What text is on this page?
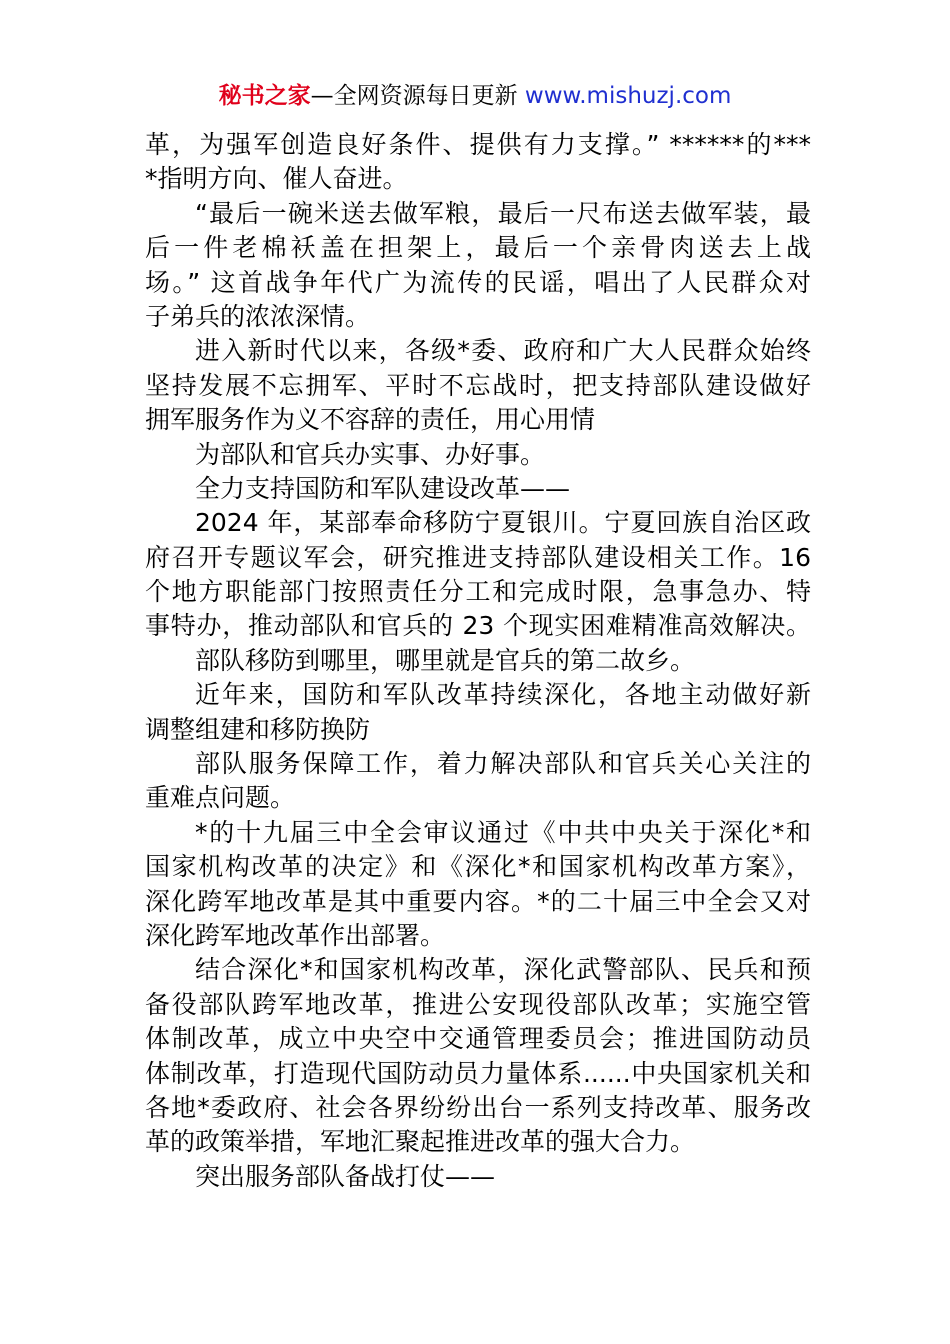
秘书之家—全网资源每日更新 www.mishuzj.com
革，为强军创造良好条件、提供有力支撑。” ******的***
*指明方向、催人奋进。
“最后一碗米送去做军粮，最后一尺布送去做军装，最
后一件老棉袄盖在担架上，最后一个亲骨肉送去上战
场。” 这首战争年代广为流传的民谣，唱出了人民群众对
子弟兵的浓浓深情。
进入新时代以来，各级*委、政府和广大人民群众始终
坚持发展不忘拥军、平时不忘战时，把支持部队建设做好
拥军服务作为义不容辞的责任，用心用情
为部队和官兵办实事、办好事。
全力支持国防和军队建设改革——
2024 年，某部奉命移防宁夏银川。宁夏回族自治区政
府召开专题议军会，研究推进支持部队建设相关工作。16
个地方职能部门按照责任分工和完成时限，急事急办、特
事特办，推动部队和官兵的 23 个现实困难精准高效解决。
部队移防到哪里，哪里就是官兵的第二故乡。
近年来，国防和军队改革持续深化，各地主动做好新
调整组建和移防换防
部队服务保障工作，着力解决部队和官兵关心关注的
重难点问题。
*的十九届三中全会审议通过《中共中央关于深化*和
国家机构改革的决定》和《深化*和国家机构改革方案》，
深化跨军地改革是其中重要内容。*的二十届三中全会又对
深化跨军地改革作出部署。
结合深化*和国家机构改革，深化武警部队、民兵和预
备役部队跨军地改革，推进公安现役部队改革；实施空管
体制改革，成立中央空中交通管理委员会；推进国防动员
体制改革，打造现代国防动员力量体系......中央国家机关和
各地*委政府、社会各界纷纷出台一系列支持改革、服务改
革的政策举措，军地汇聚起推进改革的强大合力。
突出服务部队备战打仗——
